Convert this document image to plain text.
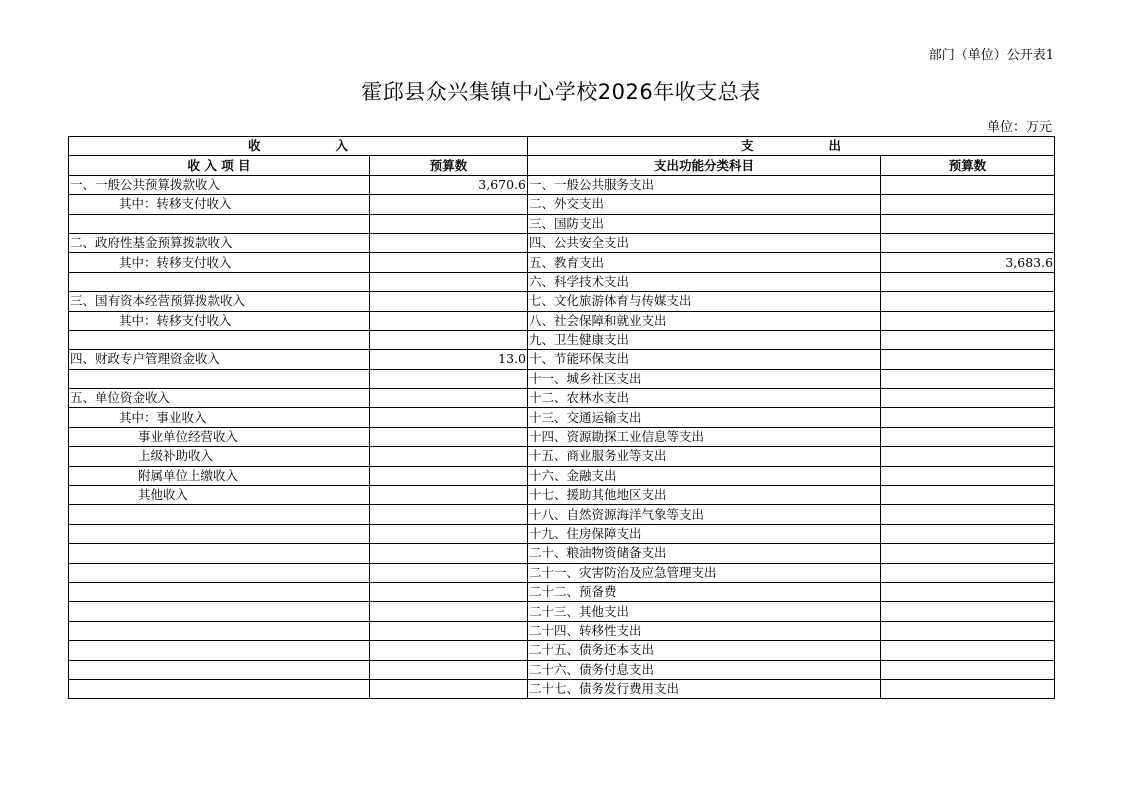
部门（单位）公开表1
霍邱县众兴集镇中心学校2026年收支总表
单位：万元
收　　　　　　入		支　　　　　　出	
收 入 项 目	预算数	支出功能分类科目	预算数
一、一般公共预算拨款收入	3,670.6	一、一般公共服务支出	
其中：转移支付收入		二、外交支出	
		三、国防支出	
二、政府性基金预算拨款收入		四、公共安全支出	
其中：转移支付收入		五、教育支出	3,683.6
		六、科学技术支出	
三、国有资本经营预算拨款收入		七、文化旅游体育与传媒支出	
其中：转移支付收入		八、社会保障和就业支出	
		九、卫生健康支出	
四、财政专户管理资金收入	13.0	十、节能环保支出	
		十一、城乡社区支出	
五、单位资金收入		十二、农林水支出	
其中：事业收入		十三、交通运输支出	
事业单位经营收入		十四、资源勘探工业信息等支出	
上级补助收入		十五、商业服务业等支出	
附属单位上缴收入		十六、金融支出	
其他收入		十七、援助其他地区支出	
		十八、自然资源海洋气象等支出	
		十九、住房保障支出	
		二十、粮油物资储备支出	
		二十一、灾害防治及应急管理支出	
		二十二、预备费	
		二十三、其他支出	
		二十四、转移性支出	
		二十五、债务还本支出	
		二十六、债务付息支出	
		二十七、债务发行费用支出	
